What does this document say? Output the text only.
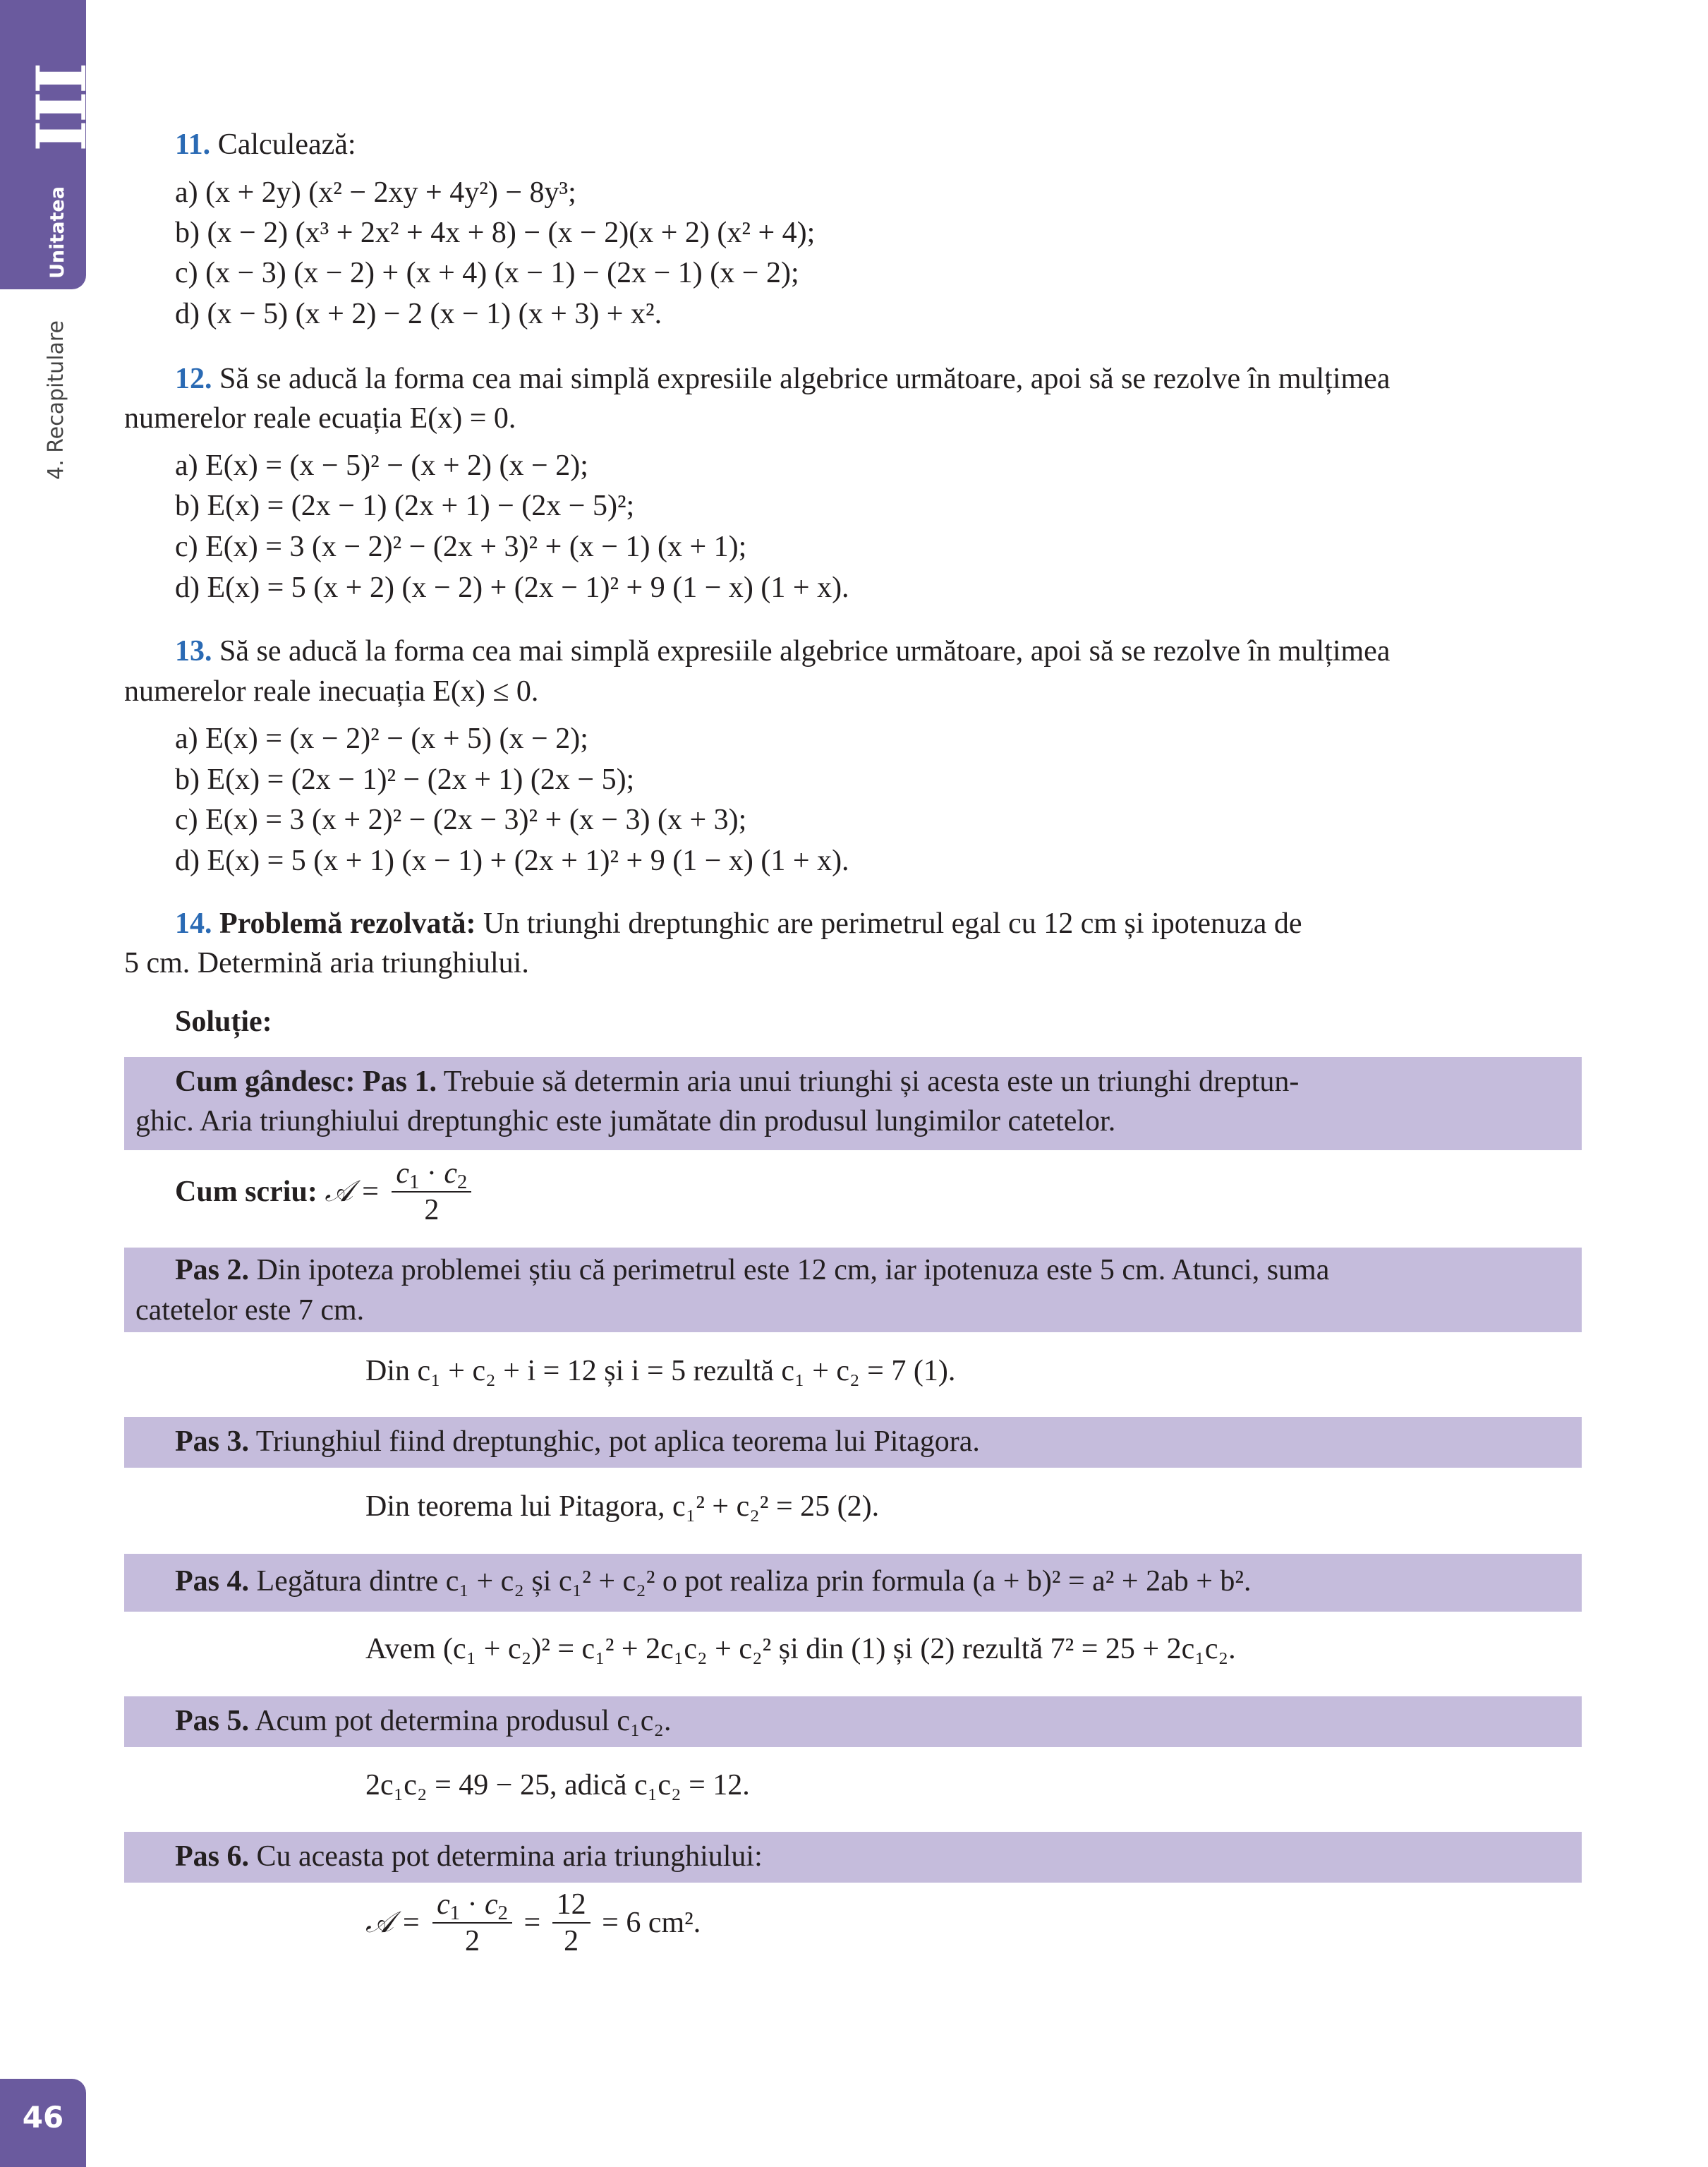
III
Unitatea
4. Recapitulare
46
11. Calculează:
a) (x + 2y) (x² − 2xy + 4y²) − 8y³;
b) (x − 2) (x³ + 2x² + 4x + 8) − (x − 2)(x + 2) (x² + 4);
c) (x − 3) (x − 2) + (x + 4) (x − 1) − (2x − 1) (x − 2);
d) (x − 5) (x + 2) − 2 (x − 1) (x + 3) + x².
12. Să se aducă la forma cea mai simplă expresiile algebrice următoare, apoi să se rezolve în mulțimea
numerelor reale ecuația E(x) = 0.
a) E(x) = (x − 5)² − (x + 2) (x − 2);
b) E(x) = (2x − 1) (2x + 1) − (2x − 5)²;
c) E(x) = 3 (x − 2)² − (2x + 3)² + (x − 1) (x + 1);
d) E(x) = 5 (x + 2) (x − 2) + (2x − 1)² + 9 (1 − x) (1 + x).
13. Să se aducă la forma cea mai simplă expresiile algebrice următoare, apoi să se rezolve în mulțimea
numerelor reale inecuația E(x) ≤ 0.
a) E(x) = (x − 2)² − (x + 5) (x − 2);
b) E(x) = (2x − 1)² − (2x + 1) (2x − 5);
c) E(x) = 3 (x + 2)² − (2x − 3)² + (x − 3) (x + 3);
d) E(x) = 5 (x + 1) (x − 1) + (2x + 1)² + 9 (1 − x) (1 + x).
14. Problemă rezolvată: Un triunghi dreptunghic are perimetrul egal cu 12 cm și ipotenuza de
5 cm. Determină aria triunghiului.
Soluție:
Cum gândesc: Pas 1. Trebuie să determin aria unui triunghi și acesta este un triunghi dreptun-
ghic. Aria triunghiului dreptunghic este jumătate din produsul lungimilor catetelor.
Cum scriu: 𝒜 = $\frac{c_1 \cdot c_2}{2}$
Pas 2. Din ipoteza problemei știu că perimetrul este 12 cm, iar ipotenuza este 5 cm. Atunci, suma
catetelor este 7 cm.
Din c₁ + c₂ + i = 12 și i = 5 rezultă c₁ + c₂ = 7 (1).
Pas 3. Triunghiul fiind dreptunghic, pot aplica teorema lui Pitagora.
Din teorema lui Pitagora, c₁² + c₂² = 25 (2).
Pas 4. Legătura dintre c₁ + c₂ și c₁² + c₂² o pot realiza prin formula (a + b)² = a² + 2ab + b².
Avem (c₁ + c₂)² = c₁² + 2c₁c₂ + c₂² și din (1) și (2) rezultă 7² = 25 + 2c₁c₂.
Pas 5. Acum pot determina produsul c₁c₂.
2c₁c₂ = 49 − 25, adică c₁c₂ = 12.
Pas 6. Cu aceasta pot determina aria triunghiului:
𝒜 = $\frac{c_1 \cdot c_2}{2} = \frac{12}{2} = 6$ cm².
